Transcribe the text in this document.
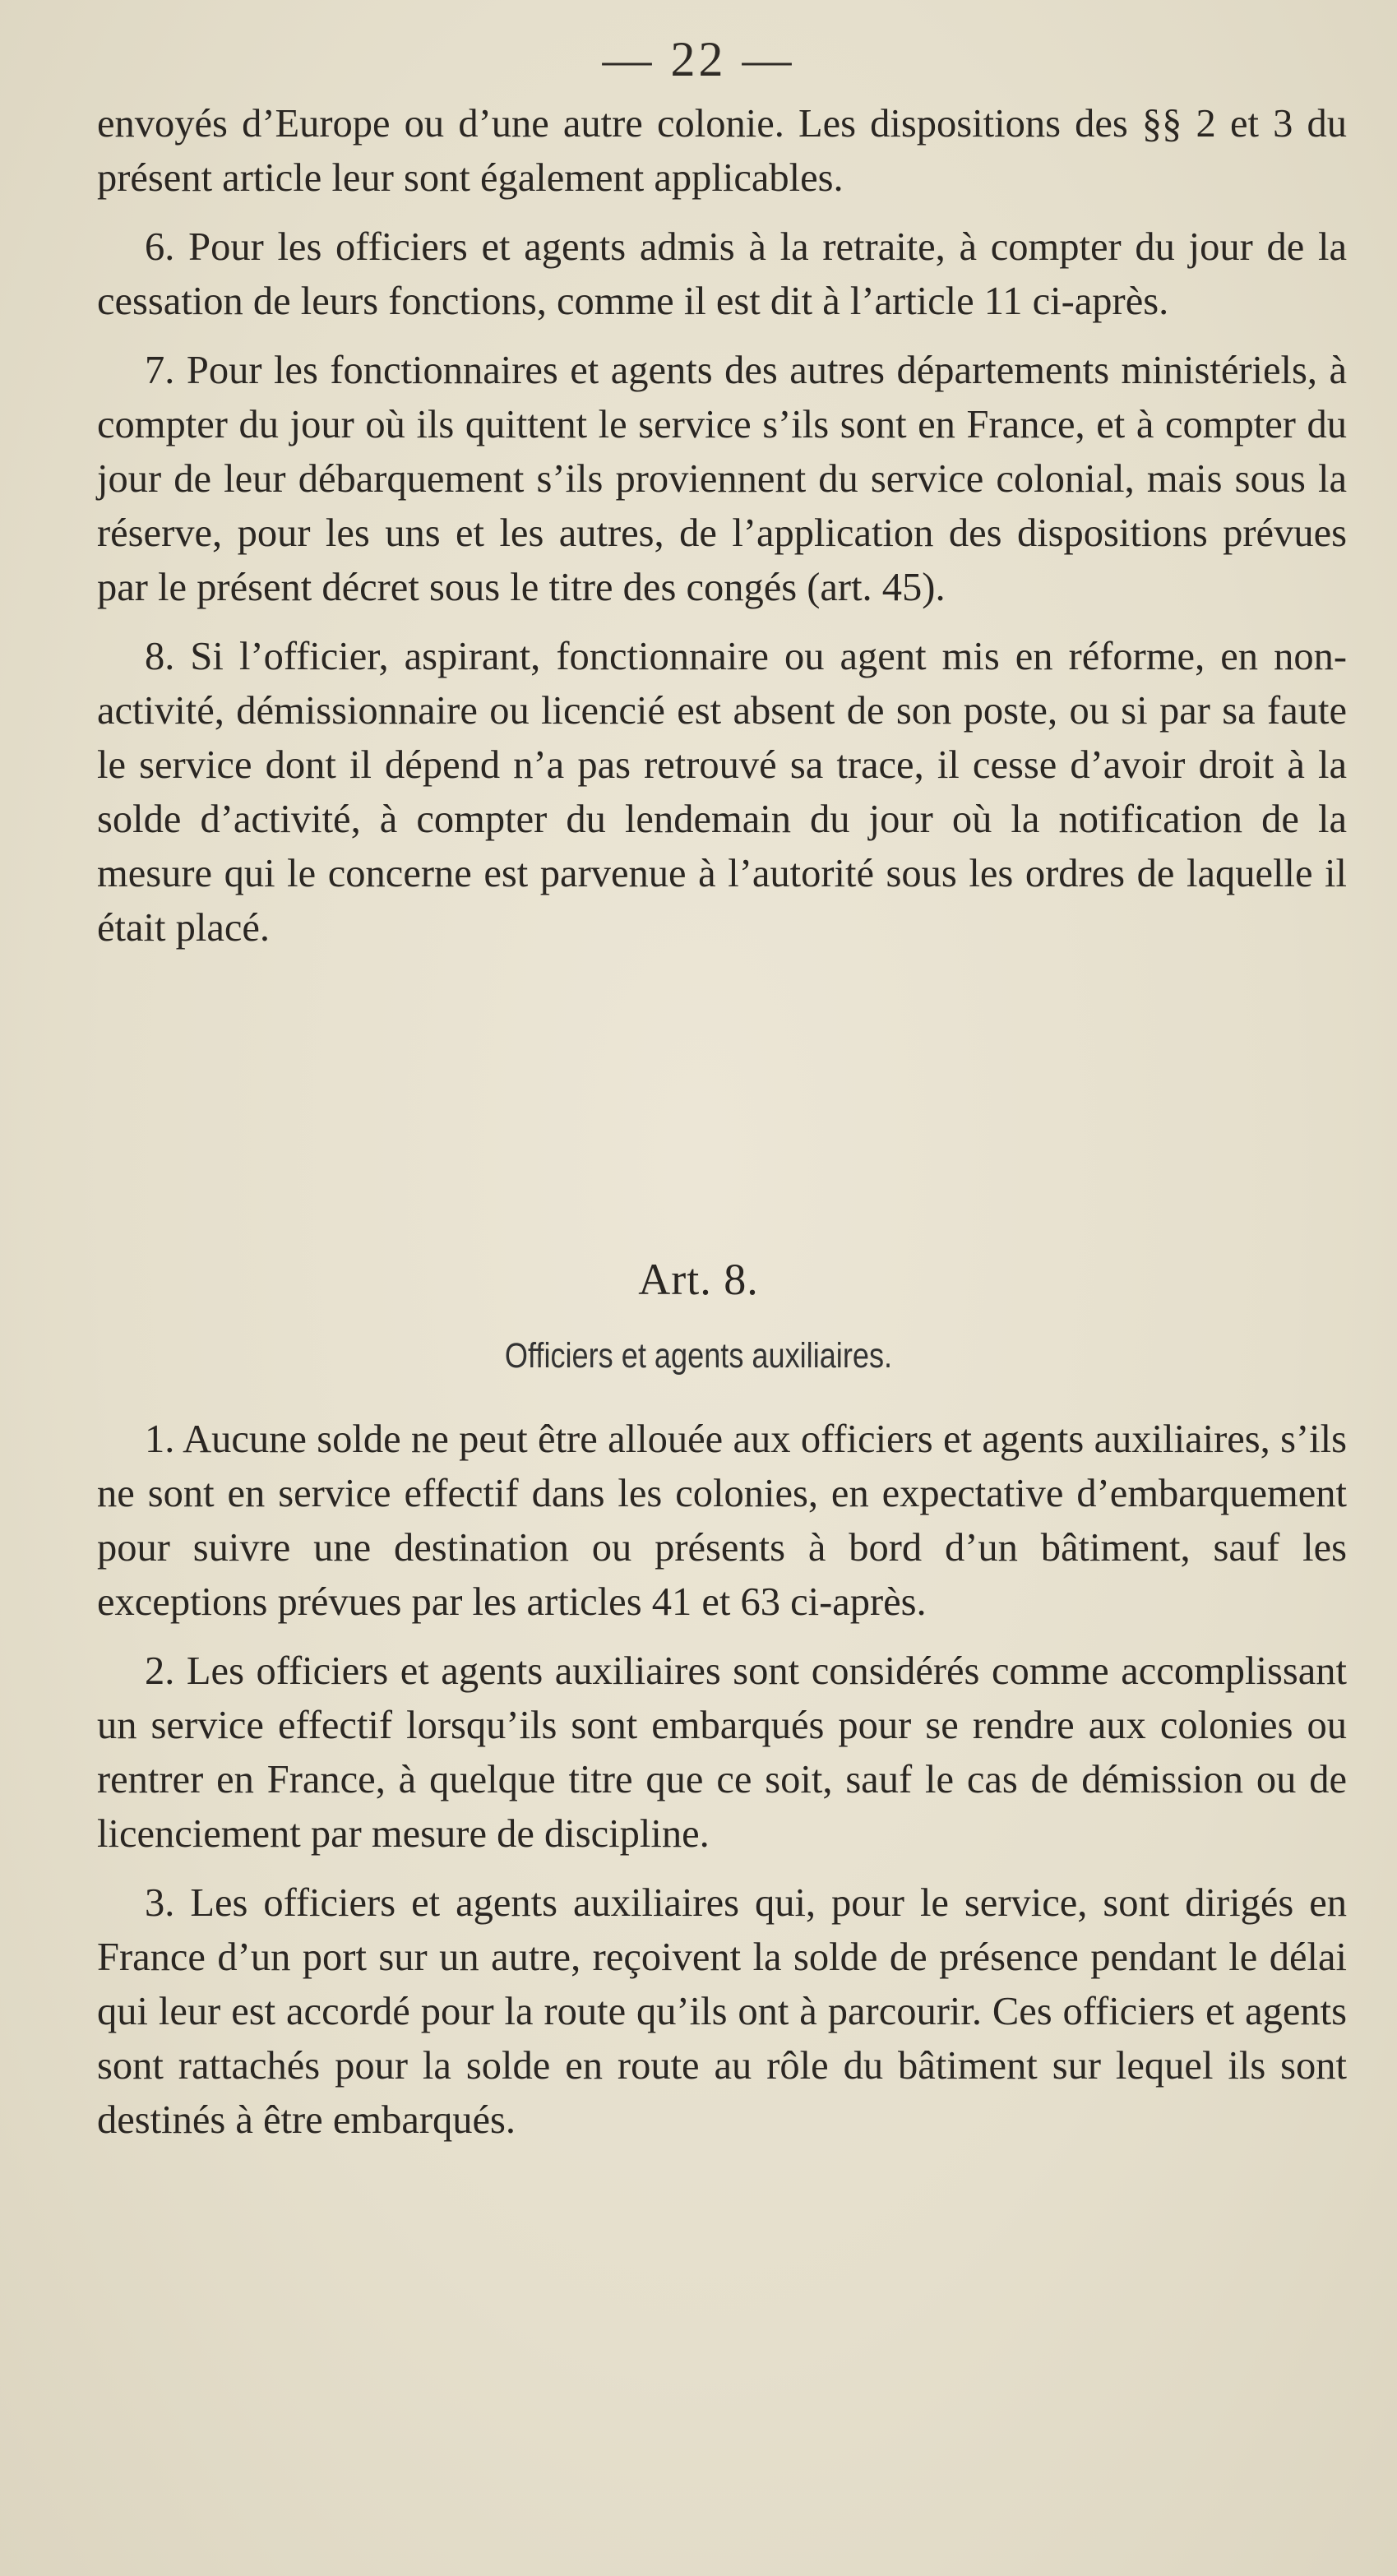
— 22 —

envoyés d’Europe ou d’une autre colonie. Les dispositions des §§ 2 et 3 du présent article leur sont également applicables.

6. Pour les officiers et agents admis à la retraite, à compter du jour de la cessation de leurs fonctions, comme il est dit à l’article 11 ci-après.

7. Pour les fonctionnaires et agents des autres départements ministériels, à compter du jour où ils quittent le service s’ils sont en France, et à compter du jour de leur débarquement s’ils proviennent du service colonial, mais sous la réserve, pour les uns et les autres, de l’application des dispositions prévues par le présent décret sous le titre des congés (art. 45).

8. Si l’officier, aspirant, fonctionnaire ou agent mis en réforme, en non-activité, démissionnaire ou licencié est absent de son poste, ou si par sa faute le service dont il dépend n’a pas retrouvé sa trace, il cesse d’avoir droit à la solde d’activité, à compter du lendemain du jour où la notification de la mesure qui le concerne est parvenue à l’autorité sous les ordres de laquelle il était placé.

Art. 8.
Officiers et agents auxiliaires.

1. Aucune solde ne peut être allouée aux officiers et agents auxiliaires, s’ils ne sont en service effectif dans les colonies, en expectative d’embarquement pour suivre une destination ou présents à bord d’un bâtiment, sauf les exceptions prévues par les articles 41 et 63 ci-après.

2. Les officiers et agents auxiliaires sont considérés comme accomplissant un service effectif lorsqu’ils sont embarqués pour se rendre aux colonies ou rentrer en France, à quelque titre que ce soit, sauf le cas de démission ou de licenciement par mesure de discipline.

3. Les officiers et agents auxiliaires qui, pour le service, sont dirigés en France d’un port sur un autre, reçoivent la solde de présence pendant le délai qui leur est accordé pour la route qu’ils ont à parcourir. Ces officiers et agents sont rattachés pour la solde en route au rôle du bâtiment sur lequel ils sont destinés à être embarqués.
